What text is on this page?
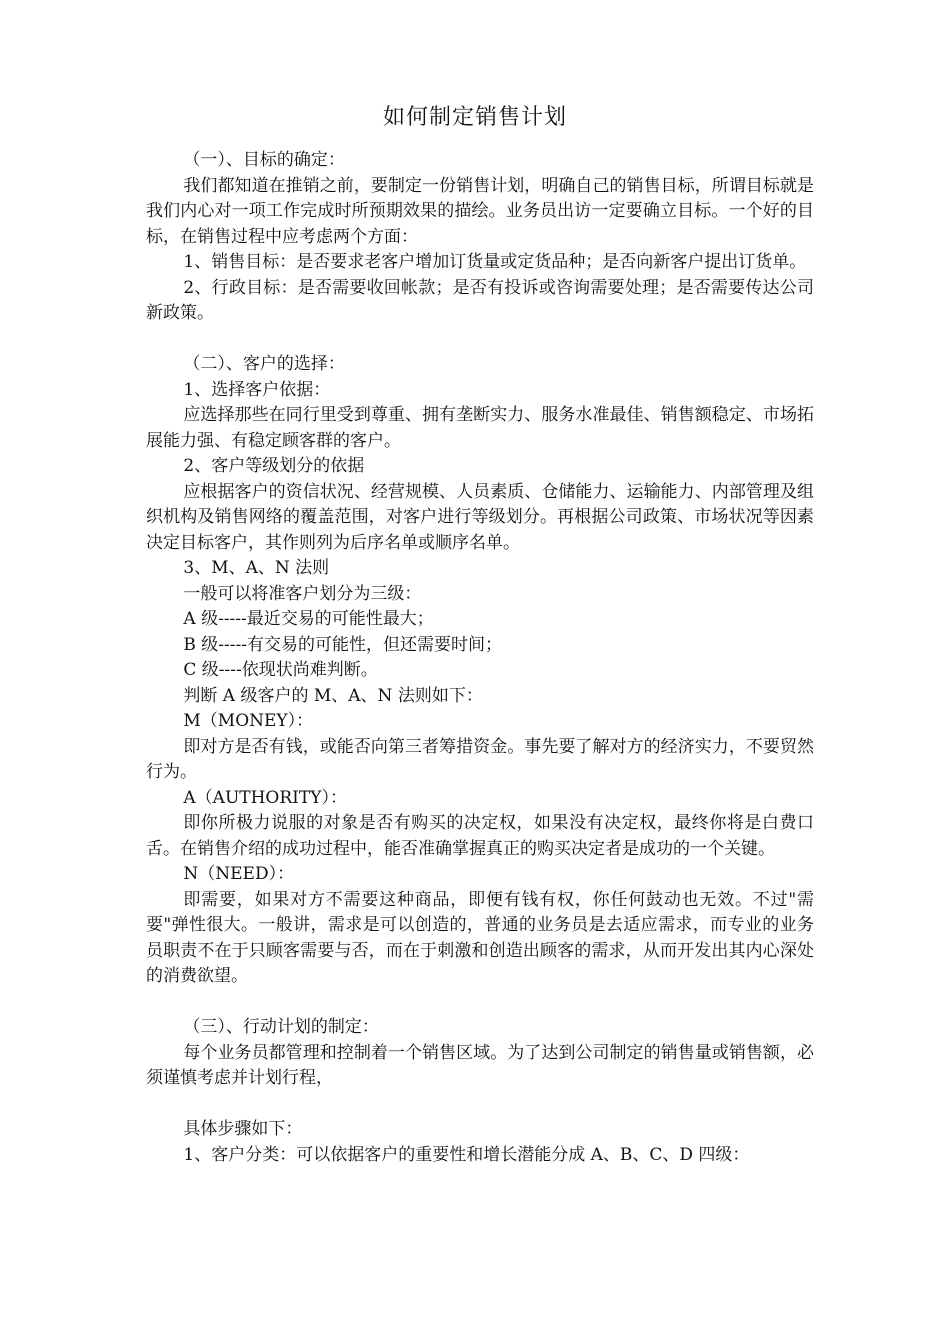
如何制定销售计划

（一）、目标的确定：

我们都知道在推销之前，要制定一份销售计划，明确自己的销售目标，所谓目标就是我们内心对一项工作完成时所预期效果的描绘。业务员出访一定要确立目标。一个好的目标，在销售过程中应考虑两个方面：

1、销售目标：是否要求老客户增加订货量或定货品种；是否向新客户提出订货单。

2、行政目标：是否需要收回帐款；是否有投诉或咨询需要处理；是否需要传达公司新政策。

（二）、客户的选择：

1、选择客户依据：

应选择那些在同行里受到尊重、拥有垄断实力、服务水准最佳、销售额稳定、市场拓展能力强、有稳定顾客群的客户。

2、客户等级划分的依据

应根据客户的资信状况、经营规模、人员素质、仓储能力、运输能力、内部管理及组织机构及销售网络的覆盖范围，对客户进行等级划分。再根据公司政策、市场状况等因素决定目标客户，其作则列为后序名单或顺序名单。

3、M、A、N 法则

一般可以将准客户划分为三级：

A 级-----最近交易的可能性最大；

B 级-----有交易的可能性，但还需要时间；

C 级----依现状尚难判断。

判断 A 级客户的 M、A、N 法则如下：

M（MONEY）：

即对方是否有钱，或能否向第三者筹措资金。事先要了解对方的经济实力，不要贸然行为。

A（AUTHORITY）：

即你所极力说服的对象是否有购买的决定权，如果没有决定权，最终你将是白费口舌。在销售介绍的成功过程中，能否准确掌握真正的购买决定者是成功的一个关键。

N（NEED）：

即需要，如果对方不需要这种商品，即便有钱有权，你任何鼓动也无效。不过"需要"弹性很大。一般讲，需求是可以创造的，普通的业务员是去适应需求，而专业的业务员职责不在于只顾客需要与否，而在于刺激和创造出顾客的需求，从而开发出其内心深处的消费欲望。

（三）、行动计划的制定：

每个业务员都管理和控制着一个销售区域。为了达到公司制定的销售量或销售额，必须谨慎考虑并计划行程，

具体步骤如下：

1、客户分类：可以依据客户的重要性和增长潜能分成 A、B、C、D 四级：
